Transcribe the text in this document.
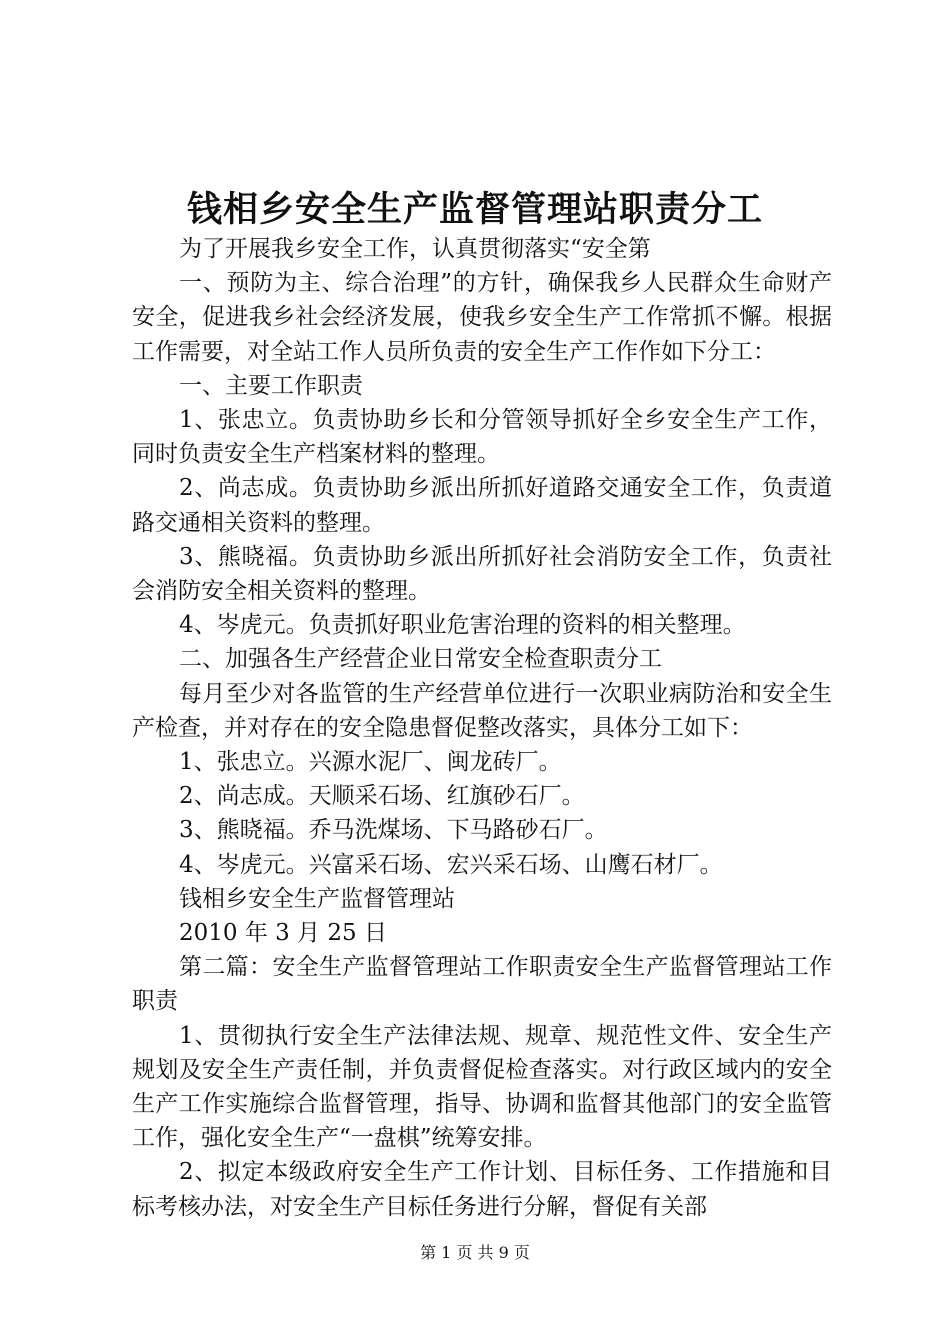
钱相乡安全生产监督管理站职责分工

为了开展我乡安全工作，认真贯彻落实“安全第

一、预防为主、综合治理”的方针，确保我乡人民群众生命财产安全，促进我乡社会经济发展，使我乡安全生产工作常抓不懈。根据工作需要，对全站工作人员所负责的安全生产工作作如下分工：

一、主要工作职责

1、张忠立。负责协助乡长和分管领导抓好全乡安全生产工作，同时负责安全生产档案材料的整理。

2、尚志成。负责协助乡派出所抓好道路交通安全工作，负责道路交通相关资料的整理。

3、熊晓福。负责协助乡派出所抓好社会消防安全工作，负责社会消防安全相关资料的整理。

4、岑虎元。负责抓好职业危害治理的资料的相关整理。

二、加强各生产经营企业日常安全检查职责分工

每月至少对各监管的生产经营单位进行一次职业病防治和安全生产检查，并对存在的安全隐患督促整改落实，具体分工如下：

1、张忠立。兴源水泥厂、闽龙砖厂。

2、尚志成。天顺采石场、红旗砂石厂。

3、熊晓福。乔马洗煤场、下马路砂石厂。

4、岑虎元。兴富采石场、宏兴采石场、山鹰石材厂。

钱相乡安全生产监督管理站

2010 年 3 月 25 日

第二篇：安全生产监督管理站工作职责安全生产监督管理站工作职责

1、贯彻执行安全生产法律法规、规章、规范性文件、安全生产规划及安全生产责任制，并负责督促检查落实。对行政区域内的安全生产工作实施综合监督管理，指导、协调和监督其他部门的安全监管工作，强化安全生产“一盘棋”统筹安排。

2、拟定本级政府安全生产工作计划、目标任务、工作措施和目标考核办法，对安全生产目标任务进行分解，督促有关部

第 1 页 共 9 页
